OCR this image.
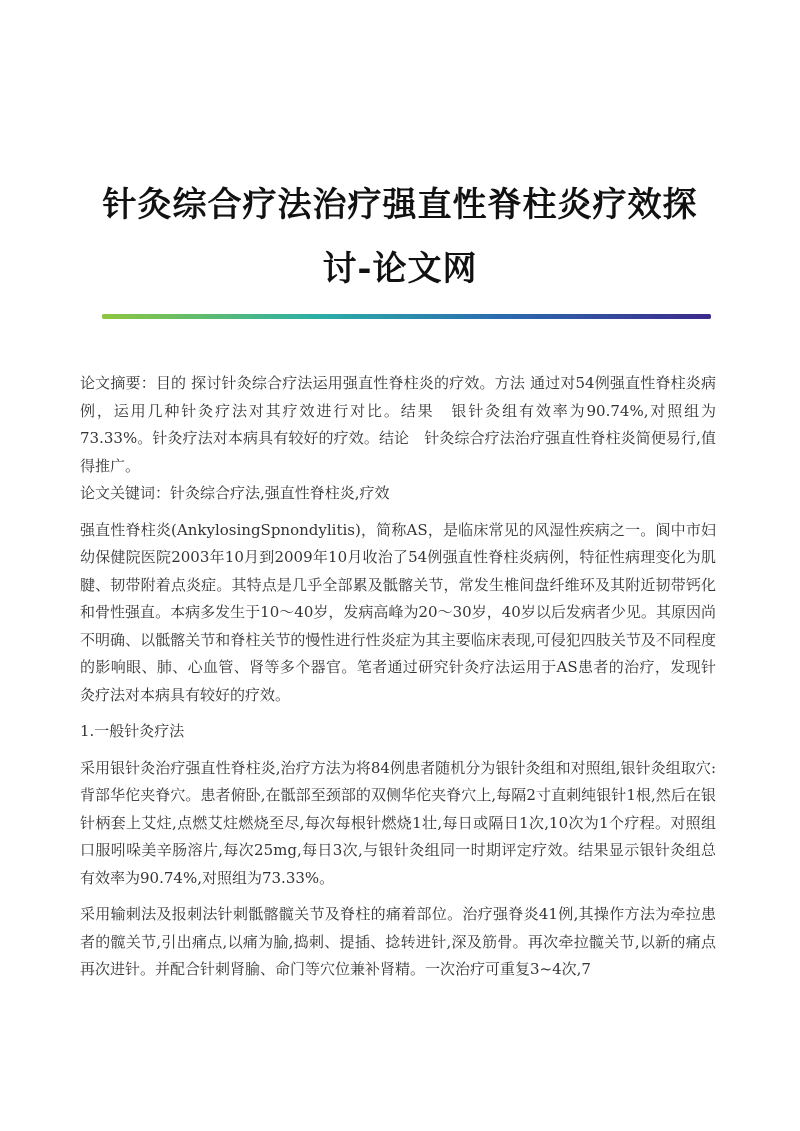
针灸综合疗法治疗强直性脊柱炎疗效探讨-论文网

论文摘要：目的 探讨针灸综合疗法运用强直性脊柱炎的疗效。方法 通过对54例强直性脊柱炎病例，运用几种针灸疗法对其疗效进行对比。结果　银针灸组有效率为90.74%,对照组为73.33%。针灸疗法对本病具有较好的疗效。结论　针灸综合疗法治疗强直性脊柱炎简便易行,值得推广。

论文关键词：针灸综合疗法,强直性脊柱炎,疗效

强直性脊柱炎(AnkylosingSpnondylitis)，简称AS，是临床常见的风湿性疾病之一。阆中市妇幼保健院医院2003年10月到2009年10月收治了54例强直性脊柱炎病例，特征性病理变化为肌腱、韧带附着点炎症。其特点是几乎全部累及骶髂关节，常发生椎间盘纤维环及其附近韧带钙化和骨性强直。本病多发生于10～40岁，发病高峰为20～30岁，40岁以后发病者少见。其原因尚不明确、以骶髂关节和脊柱关节的慢性进行性炎症为其主要临床表现,可侵犯四肢关节及不同程度的影响眼、肺、心血管、肾等多个器官。笔者通过研究针灸疗法运用于AS患者的治疗，发现针灸疗法对本病具有较好的疗效。

1.一般针灸疗法

采用银针灸治疗强直性脊柱炎,治疗方法为将84例患者随机分为银针灸组和对照组,银针灸组取穴:背部华佗夹脊穴。患者俯卧,在骶部至颈部的双侧华佗夹脊穴上,每隔2寸直刺纯银针1根,然后在银针柄套上艾炷,点燃艾炷燃烧至尽,每次每根针燃烧1壮,每日或隔日1次,10次为1个疗程。对照组口服吲哚美辛肠溶片,每次25mg,每日3次,与银针灸组同一时期评定疗效。结果显示银针灸组总有效率为90.74%,对照组为73.33%。

采用输刺法及报刺法针刺骶髂髋关节及脊柱的痛着部位。治疗强脊炎41例,其操作方法为牵拉患者的髋关节,引出痛点,以痛为腧,捣刺、提插、捻转进针,深及筋骨。再次牵拉髋关节,以新的痛点再次进针。并配合针刺肾腧、命门等穴位兼补肾精。一次治疗可重复3~4次,7
